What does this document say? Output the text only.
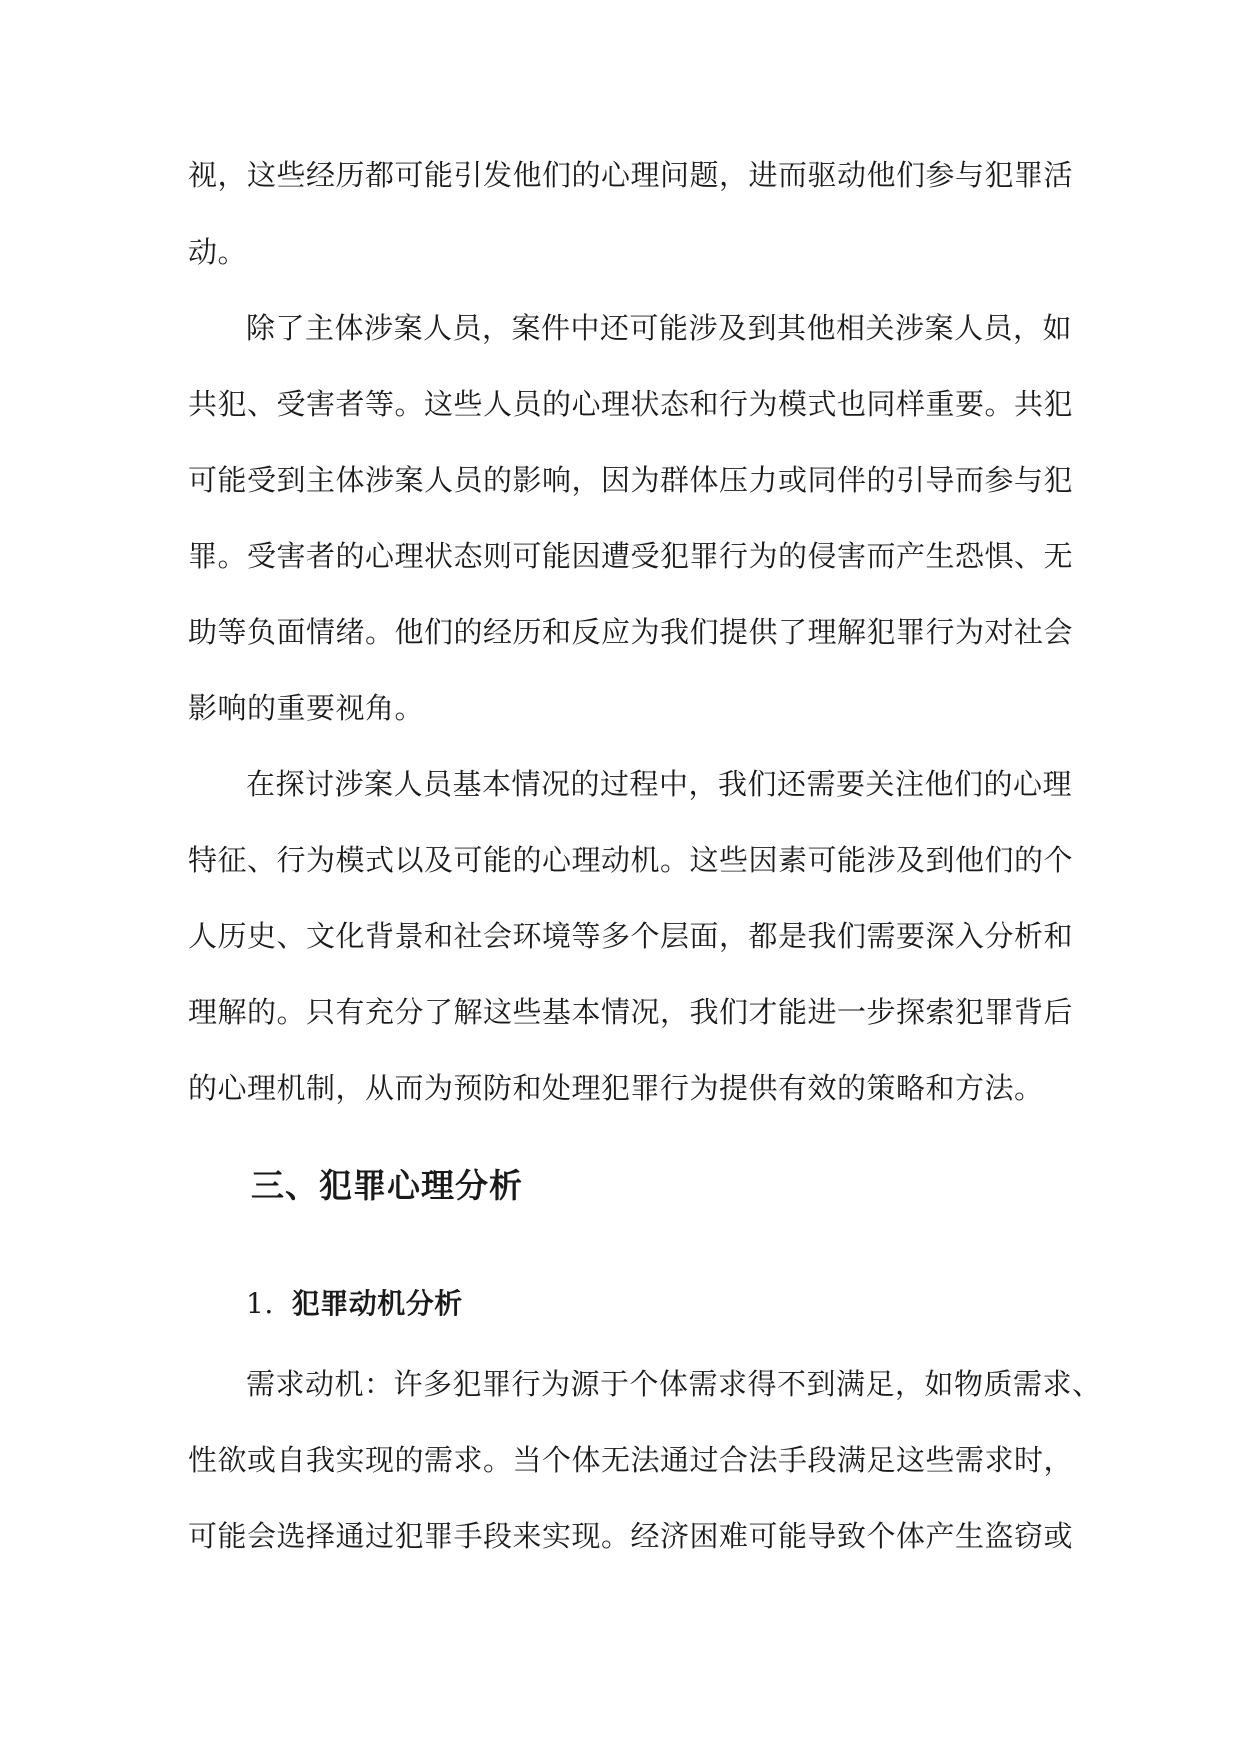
视，这些经历都可能引发他们的心理问题，进而驱动他们参与犯罪活
动。
除了主体涉案人员，案件中还可能涉及到其他相关涉案人员，如
共犯、受害者等。这些人员的心理状态和行为模式也同样重要。共犯
可能受到主体涉案人员的影响，因为群体压力或同伴的引导而参与犯
罪。受害者的心理状态则可能因遭受犯罪行为的侵害而产生恐惧、无
助等负面情绪。他们的经历和反应为我们提供了理解犯罪行为对社会
影响的重要视角。
在探讨涉案人员基本情况的过程中，我们还需要关注他们的心理
特征、行为模式以及可能的心理动机。这些因素可能涉及到他们的个
人历史、文化背景和社会环境等多个层面，都是我们需要深入分析和
理解的。只有充分了解这些基本情况，我们才能进一步探索犯罪背后
的心理机制，从而为预防和处理犯罪行为提供有效的策略和方法。
三、犯罪心理分析
1. 犯罪动机分析
需求动机：许多犯罪行为源于个体需求得不到满足，如物质需求、
性欲或自我实现的需求。当个体无法通过合法手段满足这些需求时，
可能会选择通过犯罪手段来实现。经济困难可能导致个体产生盗窃或
